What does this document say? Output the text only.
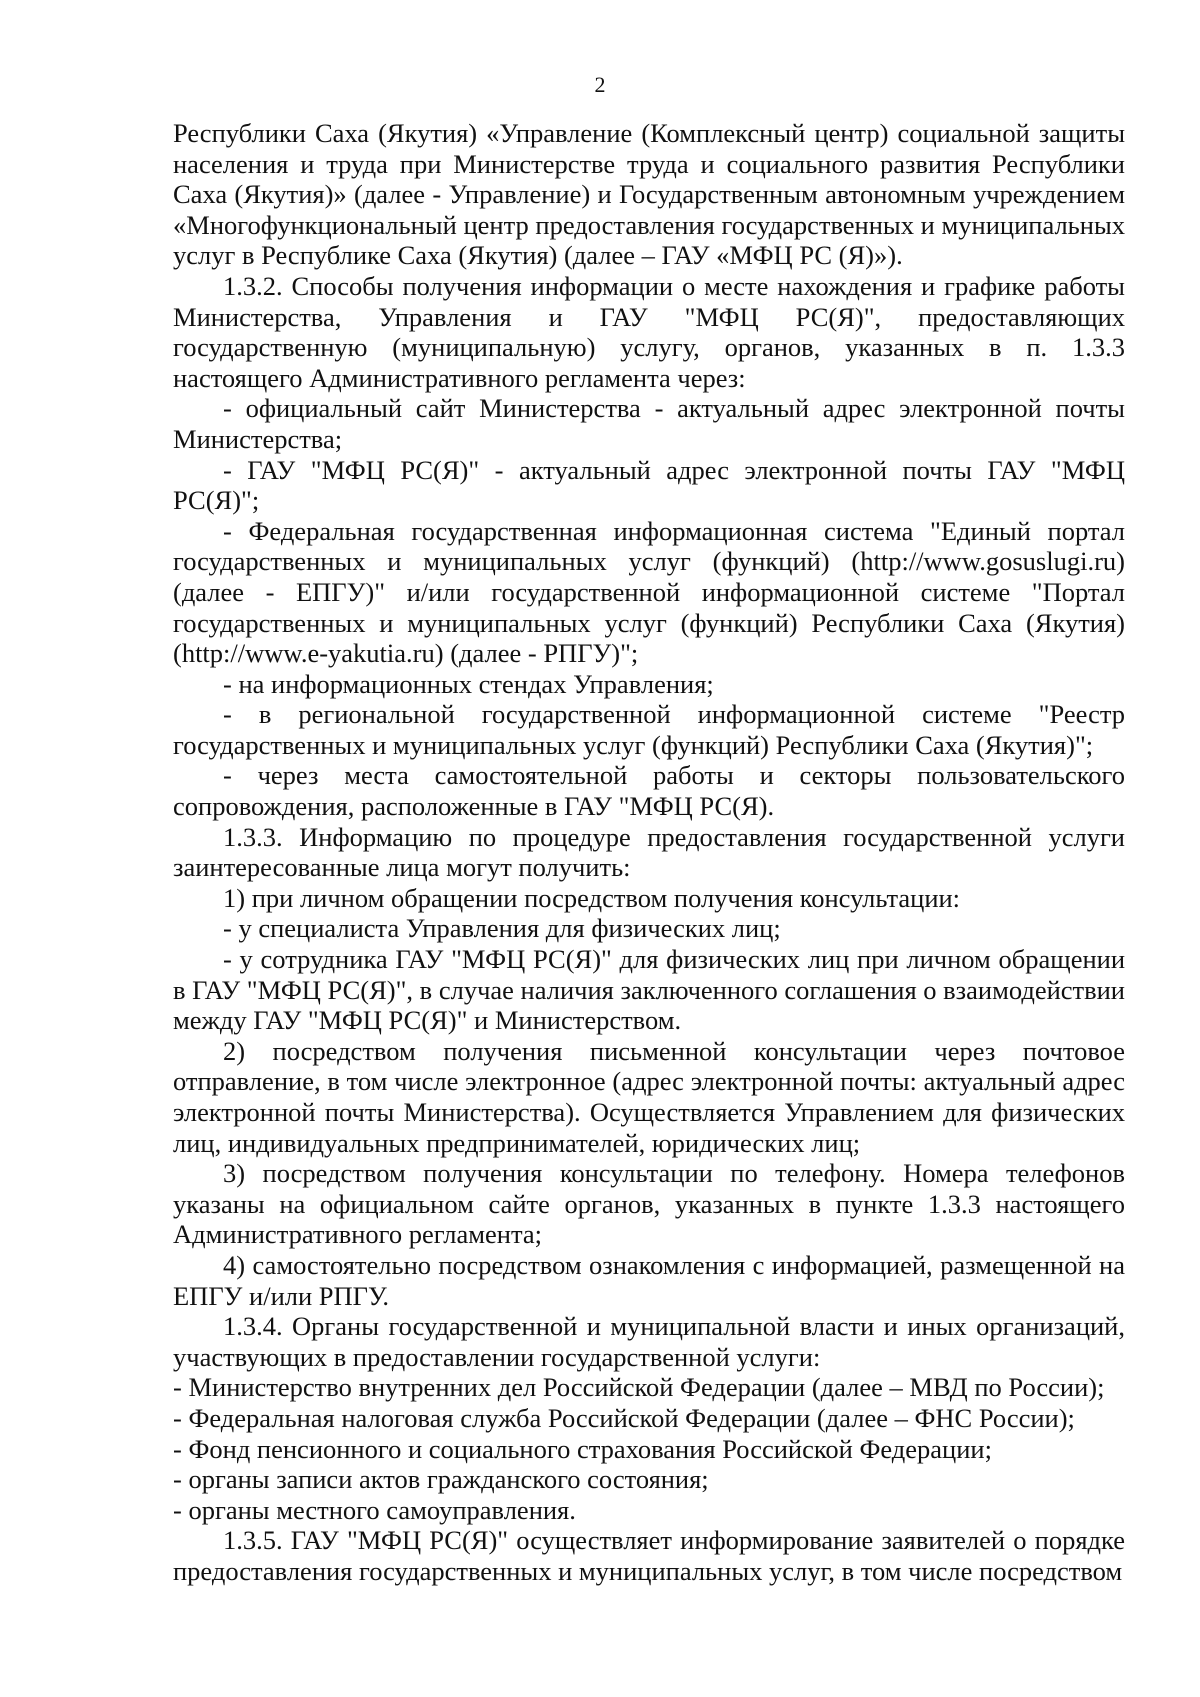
2

Республики Саха (Якутия) «Управление (Комплексный центр) социальной защиты населения и труда при Министерстве труда и социального развития Республики Саха (Якутия)» (далее - Управление) и Государственным автономным учреждением «Многофункциональный центр предоставления государственных и муниципальных услуг в Республике Саха (Якутия) (далее – ГАУ «МФЦ РС (Я)»).

1.3.2. Способы получения информации о месте нахождения и графике работы Министерства, Управления и ГАУ "МФЦ РС(Я)", предоставляющих государственную (муниципальную) услугу, органов, указанных в п. 1.3.3 настоящего Административного регламента через:

- официальный сайт Министерства - актуальный адрес электронной почты Министерства;

- ГАУ "МФЦ РС(Я)" - актуальный адрес электронной почты ГАУ "МФЦ РС(Я)";

- Федеральная государственная информационная система "Единый портал государственных и муниципальных услуг (функций) (http://www.gosuslugi.ru) (далее - ЕПГУ)" и/или государственной информационной системе "Портал государственных и муниципальных услуг (функций) Республики Саха (Якутия) (http://www.e-yakutia.ru) (далее - РПГУ)";

- на информационных стендах Управления;

- в региональной государственной информационной системе "Реестр государственных и муниципальных услуг (функций) Республики Саха (Якутия)";

- через места самостоятельной работы и секторы пользовательского сопровождения, расположенные в ГАУ "МФЦ РС(Я).

1.3.3. Информацию по процедуре предоставления государственной услуги заинтересованные лица могут получить:

1) при личном обращении посредством получения консультации:

- у специалиста Управления для физических лиц;

- у сотрудника ГАУ "МФЦ РС(Я)" для физических лиц при личном обращении в ГАУ "МФЦ РС(Я)", в случае наличия заключенного соглашения о взаимодействии между ГАУ "МФЦ РС(Я)" и Министерством.

2) посредством получения письменной консультации через почтовое отправление, в том числе электронное (адрес электронной почты: актуальный адрес электронной почты Министерства). Осуществляется Управлением для физических лиц, индивидуальных предпринимателей, юридических лиц;

3) посредством получения консультации по телефону. Номера телефонов указаны на официальном сайте органов, указанных в пункте 1.3.3 настоящего Административного регламента;

4) самостоятельно посредством ознакомления с информацией, размещенной на ЕПГУ и/или РПГУ.

1.3.4. Органы государственной и муниципальной власти и иных организаций, участвующих в предоставлении государственной услуги:

- Министерство внутренних дел Российской Федерации (далее – МВД по России);

- Федеральная налоговая служба Российской Федерации (далее – ФНС России);

- Фонд пенсионного и социального страхования Российской Федерации;

- органы записи актов гражданского состояния;

- органы местного самоуправления.

1.3.5. ГАУ "МФЦ РС(Я)" осуществляет информирование заявителей о порядке предоставления государственных и муниципальных услуг, в том числе посредством
